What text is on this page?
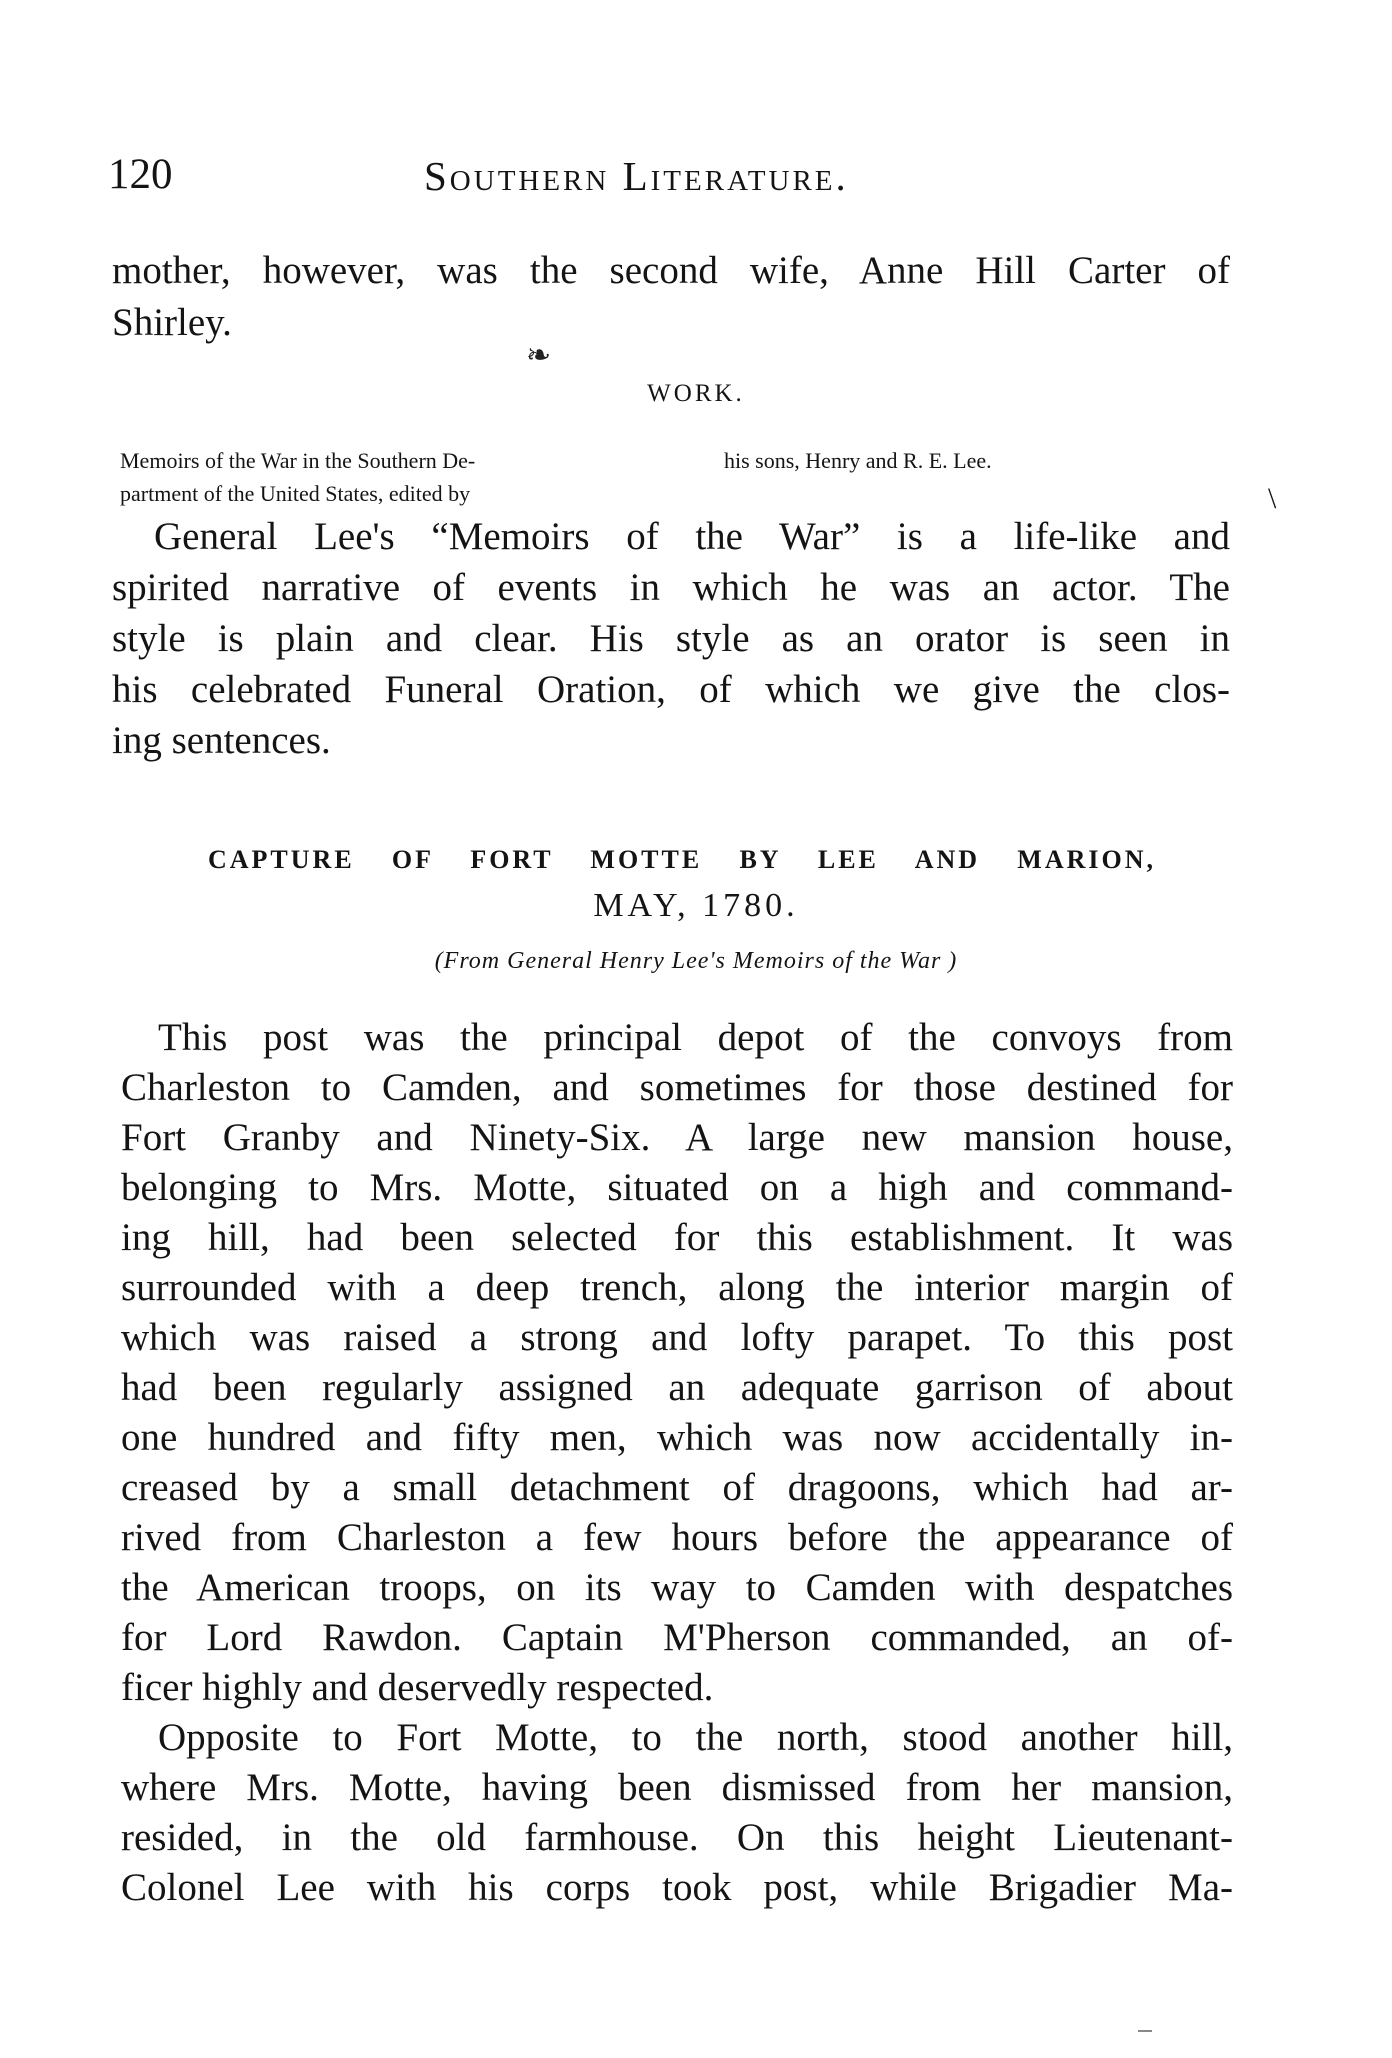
120	Southern Literature.
mother, however, was the second wife, Anne Hill Carter of
Shirley.
❧
WORK.
Memoirs of the War in the Southern De-
partment of the United States, edited by
his sons, Henry and R. E. Lee.
\
General Lee's “Memoirs of the War” is a life-like and
spirited narrative of events in which he was an actor. The
style is plain and clear. His style as an orator is seen in
his celebrated Funeral Oration, of which we give the clos-
ing sentences.
CAPTURE OF FORT MOTTE BY LEE AND MARION,
MAY, 1780.
(From General Henry Lee's Memoirs of the War )
This post was the principal depot of the convoys from
Charleston to Camden, and sometimes for those destined for
Fort Granby and Ninety-Six. A large new mansion house,
belonging to Mrs. Motte, situated on a high and command-
ing hill, had been selected for this establishment. It was
surrounded with a deep trench, along the interior margin of
which was raised a strong and lofty parapet. To this post
had been regularly assigned an adequate garrison of about
one hundred and fifty men, which was now accidentally in-
creased by a small detachment of dragoons, which had ar-
rived from Charleston a few hours before the appearance of
the American troops, on its way to Camden with despatches
for Lord Rawdon. Captain M'Pherson commanded, an of-
ficer highly and deservedly respected.
Opposite to Fort Motte, to the north, stood another hill,
where Mrs. Motte, having been dismissed from her mansion,
resided, in the old farmhouse. On this height Lieutenant-
Colonel Lee with his corps took post, while Brigadier Ma-
